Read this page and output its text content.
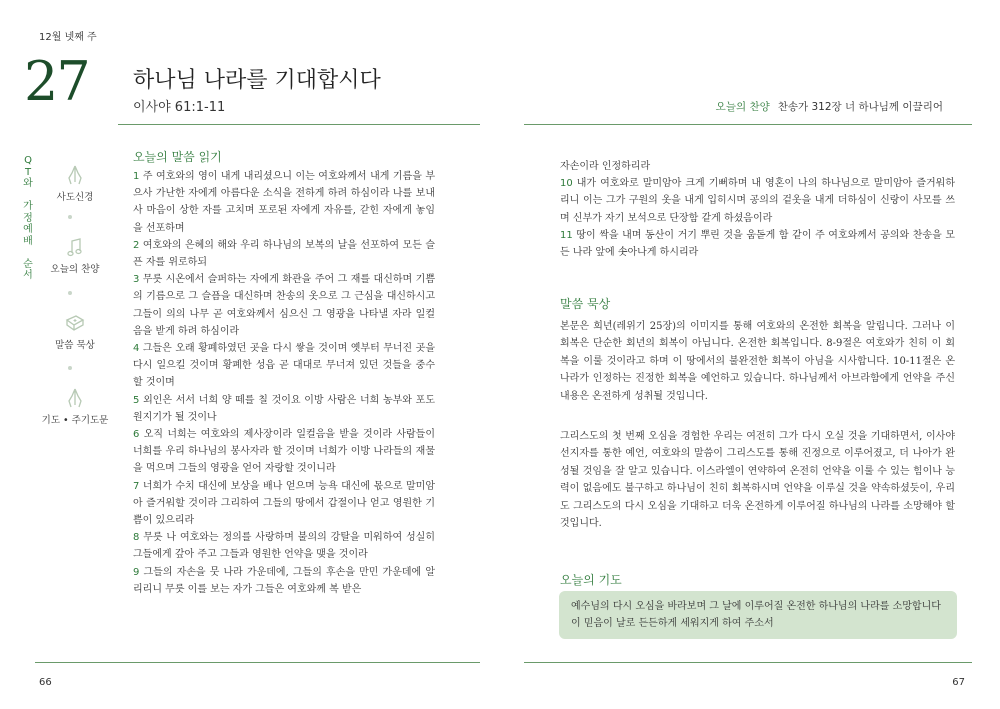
12월 넷째 주
27 하나님 나라를 기대합시다
이사야 61:1-11	오늘의 찬양 찬송가 312장 너 하나님께 이끌리어
Q
T
와
가
정
예
배
순
서
사도신경
오늘의 찬양
말씀 묵상
기도 • 주기도문
오늘의 말씀 읽기
1 주 여호와의 영이 내게 내리셨으니 이는 여호와께서 내게 기름을 부으사 가난한 자에게 아름다운 소식을 전하게 하려 하심이라 나를 보내사 마음이 상한 자를 고치며 포로된 자에게 자유를, 갇힌 자에게 놓임을 선포하며
2 여호와의 은혜의 해와 우리 하나님의 보복의 날을 선포하여 모든 슬픈 자를 위로하되
3 무릇 시온에서 슬퍼하는 자에게 화관을 주어 그 재를 대신하며 기쁨의 기름으로 그 슬픔을 대신하며 찬송의 옷으로 그 근심을 대신하시고 그들이 의의 나무 곧 여호와께서 심으신 그 영광을 나타낼 자라 일컬음을 받게 하려 하심이라
4 그들은 오래 황폐하였던 곳을 다시 쌓을 것이며 옛부터 무너진 곳을 다시 일으킬 것이며 황폐한 성읍 곧 대대로 무너져 있던 것들을 중수할 것이며
5 외인은 서서 너희 양 떼를 칠 것이요 이방 사람은 너희 농부와 포도원지기가 될 것이나
6 오직 너희는 여호와의 제사장이라 일컬음을 받을 것이라 사람들이 너희를 우리 하나님의 봉사자라 할 것이며 너희가 이방 나라들의 재물을 먹으며 그들의 영광을 얻어 자랑할 것이니라
7 너희가 수치 대신에 보상을 배나 얻으며 능욕 대신에 몫으로 말미암아 즐거워할 것이라 그리하여 그들의 땅에서 갑절이나 얻고 영원한 기쁨이 있으리라
8 무릇 나 여호와는 정의를 사랑하며 불의의 강탈을 미워하여 성실히 그들에게 갚아 주고 그들과 영원한 언약을 맺을 것이라
9 그들의 자손을 뭇 나라 가운데에, 그들의 후손을 만민 가운데에 알리리니 무릇 이를 보는 자가 그들은 여호와께 복 받은
자손이라 인정하리라
10 내가 여호와로 말미암아 크게 기뻐하며 내 영혼이 나의 하나님으로 말미암아 즐거워하리니 이는 그가 구원의 옷을 내게 입히시며 공의의 겉옷을 내게 더하심이 신랑이 사모를 쓰며 신부가 자기 보석으로 단장함 같게 하셨음이라
11 땅이 싹을 내며 동산이 거기 뿌린 것을 움돋게 함 같이 주 여호와께서 공의와 찬송을 모든 나라 앞에 솟아나게 하시리라
말씀 묵상
본문은 희년(레위기 25장)의 이미지를 통해 여호와의 온전한 회복을 알립니다. 그러나 이 회복은 단순한 회년의 회복이 아닙니다. 온전한 회복입니다. 8-9절은 여호와가 친히 이 회복을 이룰 것이라고 하며 이 땅에서의 불완전한 회복이 아님을 시사합니다. 10-11절은 온 나라가 인정하는 진정한 회복을 예언하고 있습니다. 하나님께서 아브라함에게 언약을 주신 내용은 온전하게 성취될 것입니다.
그리스도의 첫 번째 오심을 경험한 우리는 여전히 그가 다시 오실 것을 기대하면서, 이사야 선지자를 통한 예언, 여호와의 말씀이 그리스도를 통해 진정으로 이루어졌고, 더 나아가 완성될 것임을 잘 알고 있습니다. 이스라엘이 연약하여 온전히 언약을 이룰 수 있는 힘이나 능력이 없음에도 불구하고 하나님이 친히 회복하시며 언약을 이루실 것을 약속하셨듯이, 우리도 그리스도의 다시 오심을 기대하고 더욱 온전하게 이루어질 하나님의 나라를 소망해야 할 것입니다.
오늘의 기도
예수님의 다시 오심을 바라보며 그 날에 이루어질 온전한 하나님의 나라를 소망합니다
이 믿음이 날로 든든하게 세워지게 하여 주소서
66	67
